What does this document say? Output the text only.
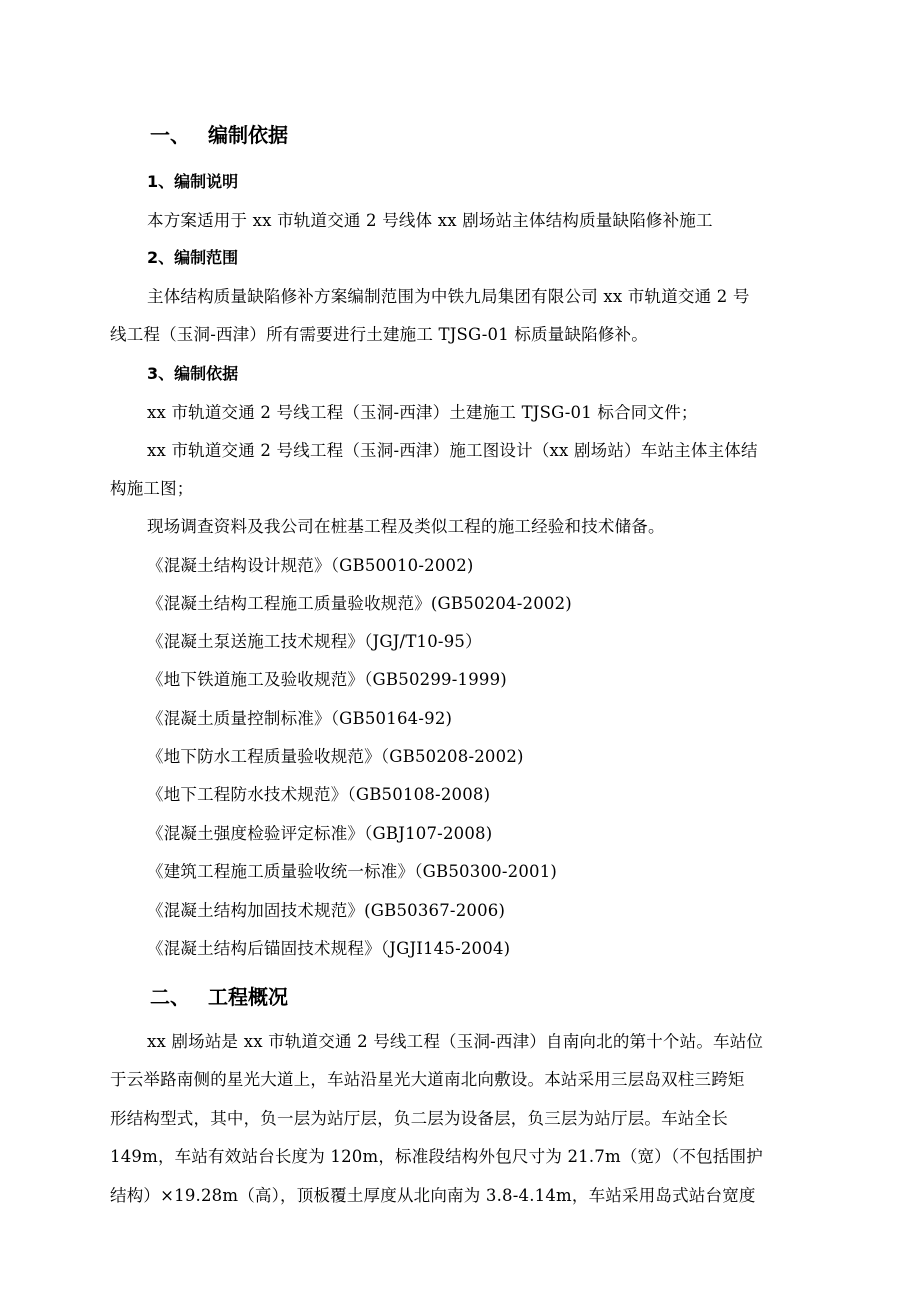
一、 编制依据
1、编制说明
本方案适用于 xx 市轨道交通 2 号线体 xx 剧场站主体结构质量缺陷修补施工
2、编制范围
主体结构质量缺陷修补方案编制范围为中铁九局集团有限公司 xx 市轨道交通 2 号
线工程（玉洞-西津）所有需要进行土建施工 TJSG-01 标质量缺陷修补。
3、编制依据
xx 市轨道交通 2 号线工程（玉洞-西津）土建施工 TJSG-01 标合同文件；
xx 市轨道交通 2 号线工程（玉洞-西津）施工图设计（xx 剧场站）车站主体主体结
构施工图；
现场调查资料及我公司在桩基工程及类似工程的施工经验和技术储备。
《混凝土结构设计规范》（GB50010-2002)
《混凝土结构工程施工质量验收规范》(GB50204-2002)
《混凝土泵送施工技术规程》（JGJ/T10-95）
《地下铁道施工及验收规范》（GB50299-1999)
《混凝土质量控制标准》（GB50164-92)
《地下防水工程质量验收规范》（GB50208-2002)
《地下工程防水技术规范》（GB50108-2008)
《混凝土强度检验评定标准》（GBJ107-2008)
《建筑工程施工质量验收统一标准》（GB50300-2001)
《混凝土结构加固技术规范》(GB50367-2006)
《混凝土结构后锚固技术规程》（JGJI145-2004)
二、 工程概况
xx 剧场站是 xx 市轨道交通 2 号线工程（玉洞-西津）自南向北的第十个站。车站位
于云举路南侧的星光大道上，车站沿星光大道南北向敷设。本站采用三层岛双柱三跨矩
形结构型式，其中，负一层为站厅层，负二层为设备层，负三层为站厅层。车站全长
149m，车站有效站台长度为 120m，标准段结构外包尺寸为 21.7m（宽）（不包括围护
结构）×19.28m（高），顶板覆土厚度从北向南为 3.8-4.14m，车站采用岛式站台宽度
